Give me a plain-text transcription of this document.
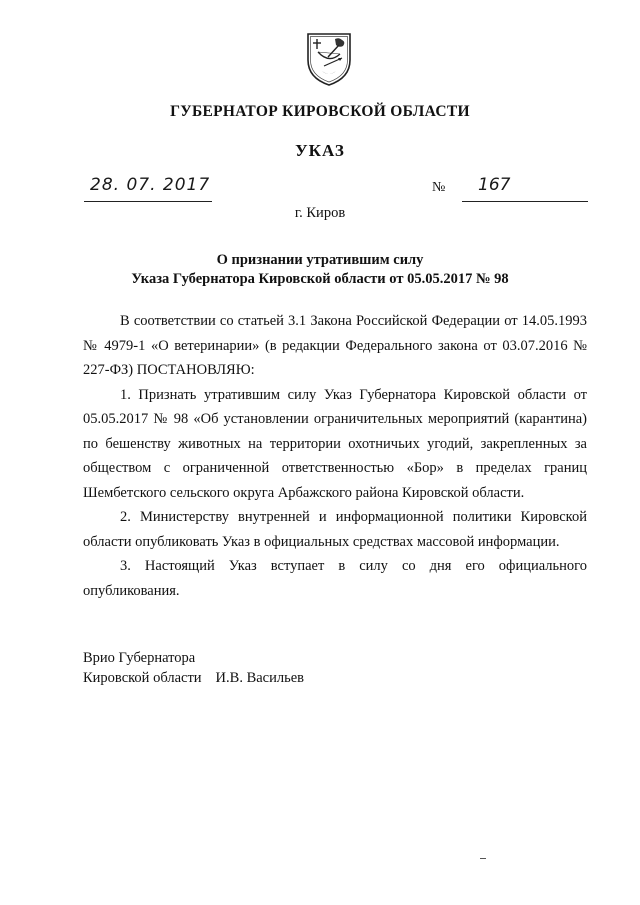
ГУБЕРНАТОР КИРОВСКОЙ ОБЛАСТИ
УКАЗ
28. 07. 2017	№ 167
г. Киров
О признании утратившим силу
Указа Губернатора Кировской области от 05.05.2017 № 98

В соответствии со статьей 3.1 Закона Российской Федерации от 14.05.1993 № 4979-1 «О ветеринарии» (в редакции Федерального закона от 03.07.2016 № 227-ФЗ) ПОСТАНОВЛЯЮ:

1. Признать утратившим силу Указ Губернатора Кировской области от 05.05.2017 № 98 «Об установлении ограничительных мероприятий (карантина) по бешенству животных на территории охотничьих угодий, закрепленных за обществом с ограниченной ответственностью «Бор» в пределах границ Шембетского сельского округа Арбажского района Кировской области.

2. Министерству внутренней и информационной политики Кировской области опубликовать Указ в официальных средствах массовой информации.

3. Настоящий Указ вступает в силу со дня его официального опубликования.

Врио Губернатора
Кировской области И.В. Васильев
